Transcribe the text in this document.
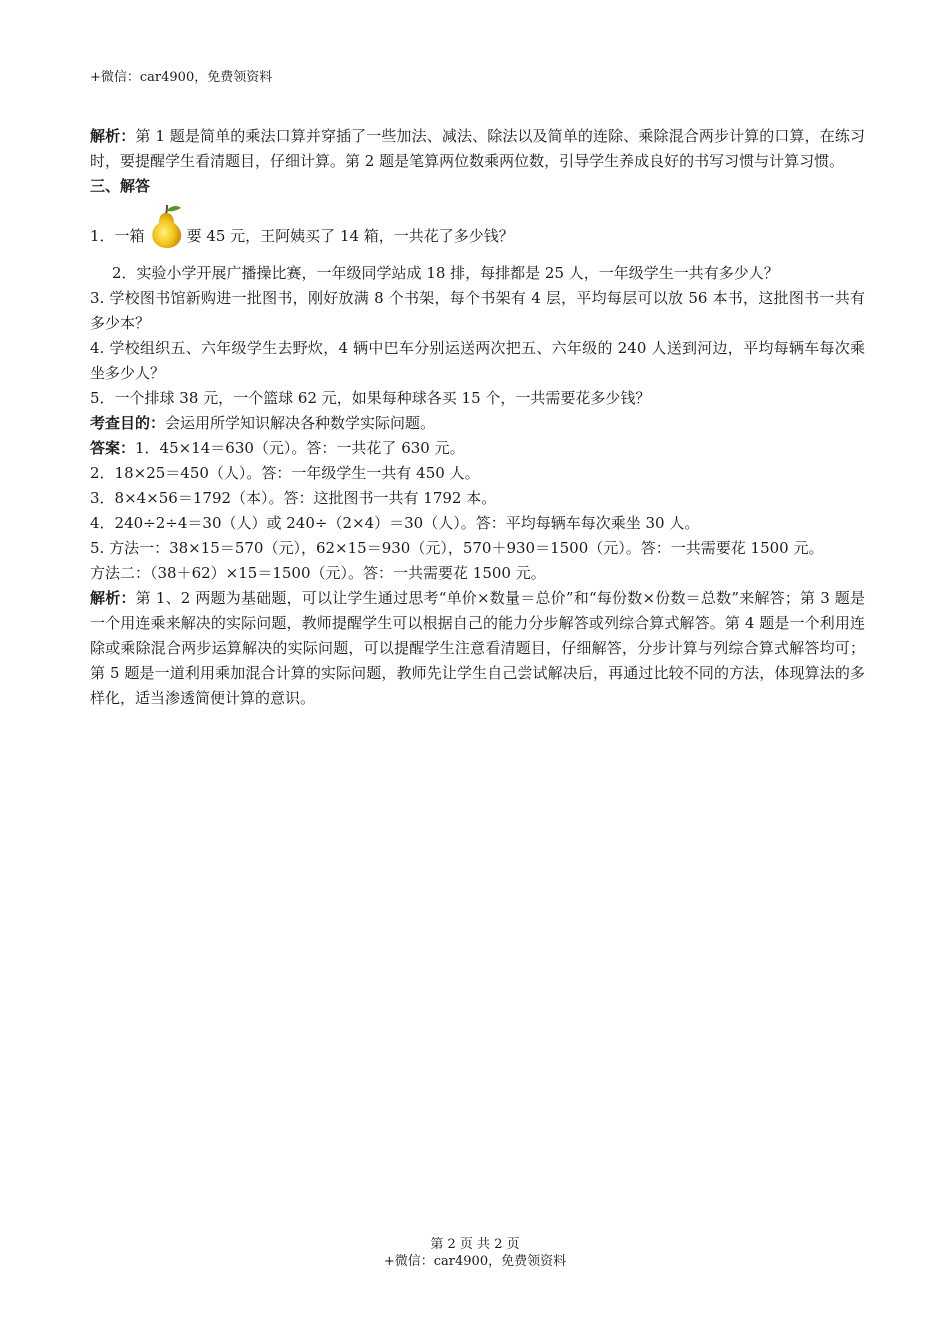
+微信：car4900，免费领资料

解析：第 1 题是简单的乘法口算并穿插了一些加法、减法、除法以及简单的连除、乘除混合两步计算的口算，在练习时，要提醒学生看清题目，仔细计算。第 2 题是笔算两位数乘两位数，引导学生养成良好的书写习惯与计算习惯。

三、解答

1．一箱	要 45 元，王阿姨买了 14 箱，一共花了多少钱？

2．实验小学开展广播操比赛，一年级同学站成 18 排，每排都是 25 人，一年级学生一共有多少人？

3. 学校图书馆新购进一批图书，刚好放满 8 个书架，每个书架有 4 层，平均每层可以放 56 本书，这批图书一共有多少本？

4. 学校组织五、六年级学生去野炊，4 辆中巴车分别运送两次把五、六年级的 240 人送到河边，平均每辆车每次乘坐多少人？

5．一个排球 38 元，一个篮球 62 元，如果每种球各买 15 个，一共需要花多少钱？

考查目的：会运用所学知识解决各种数学实际问题。

答案：1．45×14＝630（元）。答：一共花了 630 元。

2．18×25＝450（人）。答：一年级学生一共有 450 人。

3．8×4×56＝1792（本）。答：这批图书一共有 1792 本。

4．240÷2÷4＝30（人）或 240÷（2×4）＝30（人）。答：平均每辆车每次乘坐 30 人。

5. 方法一：38×15＝570（元），62×15＝930（元），570＋930＝1500（元）。答：一共需要花 1500 元。

方法二：（38＋62）×15＝1500（元）。答：一共需要花 1500 元。

解析：第 1、2 两题为基础题，可以让学生通过思考“单价×数量＝总价”和“每份数×份数＝总数”来解答；第 3 题是一个用连乘来解决的实际问题，教师提醒学生可以根据自己的能力分步解答或列综合算式解答。第 4 题是一个利用连除或乘除混合两步运算解决的实际问题，可以提醒学生注意看清题目，仔细解答，分步计算与列综合算式解答均可；第 5 题是一道利用乘加混合计算的实际问题，教师先让学生自己尝试解决后，再通过比较不同的方法，体现算法的多样化，适当渗透简便计算的意识。

第 2 页 共 2 页
+微信：car4900，免费领资料
